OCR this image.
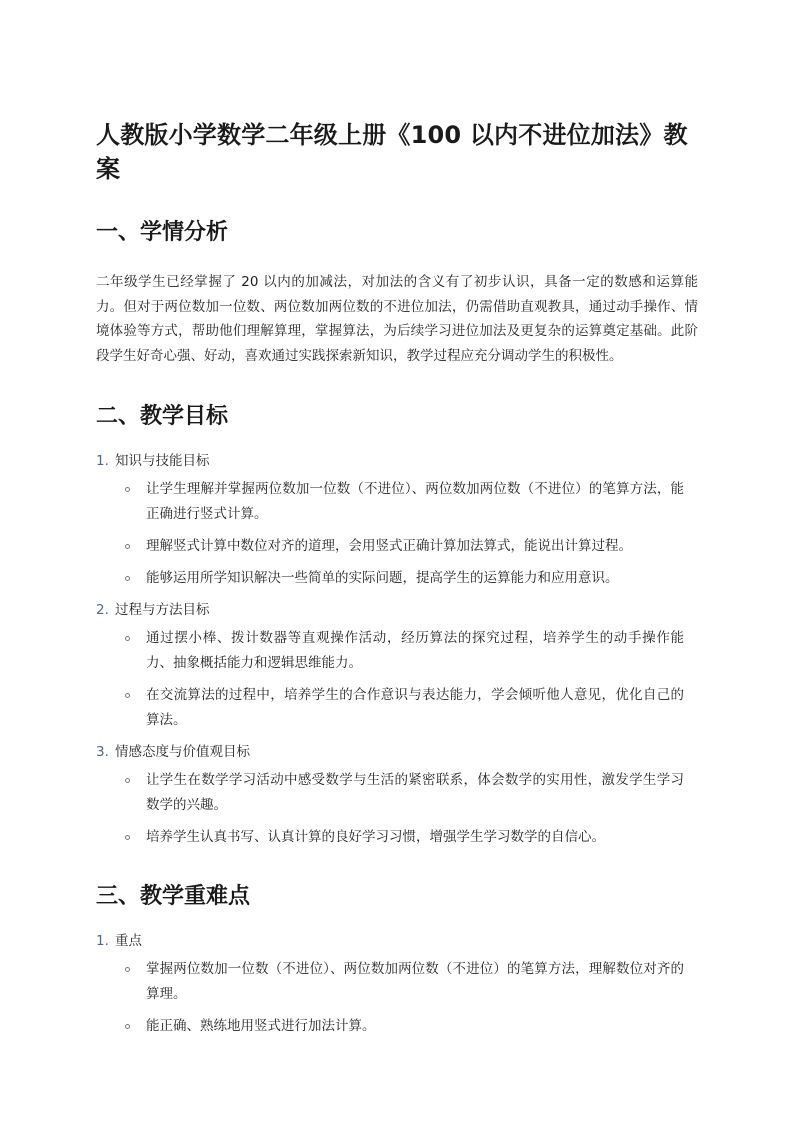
人教版小学数学二年级上册《100 以内不进位加法》教案
一、学情分析

二年级学生已经掌握了 20 以内的加减法，对加法的含义有了初步认识，具备一定的数感和运算能力。但对于两位数加一位数、两位数加两位数的不进位加法，仍需借助直观教具，通过动手操作、情境体验等方式，帮助他们理解算理，掌握算法，为后续学习进位加法及更复杂的运算奠定基础。此阶段学生好奇心强、好动，喜欢通过实践探索新知识，教学过程应充分调动学生的积极性。

二、教学目标
1. 知识与技能目标
让学生理解并掌握两位数加一位数（不进位）、两位数加两位数（不进位）的笔算方法，能正确进行竖式计算。
理解竖式计算中数位对齐的道理，会用竖式正确计算加法算式，能说出计算过程。
能够运用所学知识解决一些简单的实际问题，提高学生的运算能力和应用意识。
2. 过程与方法目标
通过摆小棒、拨计数器等直观操作活动，经历算法的探究过程，培养学生的动手操作能力、抽象概括能力和逻辑思维能力。
在交流算法的过程中，培养学生的合作意识与表达能力，学会倾听他人意见，优化自己的算法。
3. 情感态度与价值观目标
让学生在数学学习活动中感受数学与生活的紧密联系，体会数学的实用性，激发学生学习数学的兴趣。
培养学生认真书写、认真计算的良好学习习惯，增强学生学习数学的自信心。
三、教学重难点
1. 重点
掌握两位数加一位数（不进位）、两位数加两位数（不进位）的笔算方法，理解数位对齐的算理。
能正确、熟练地用竖式进行加法计算。
